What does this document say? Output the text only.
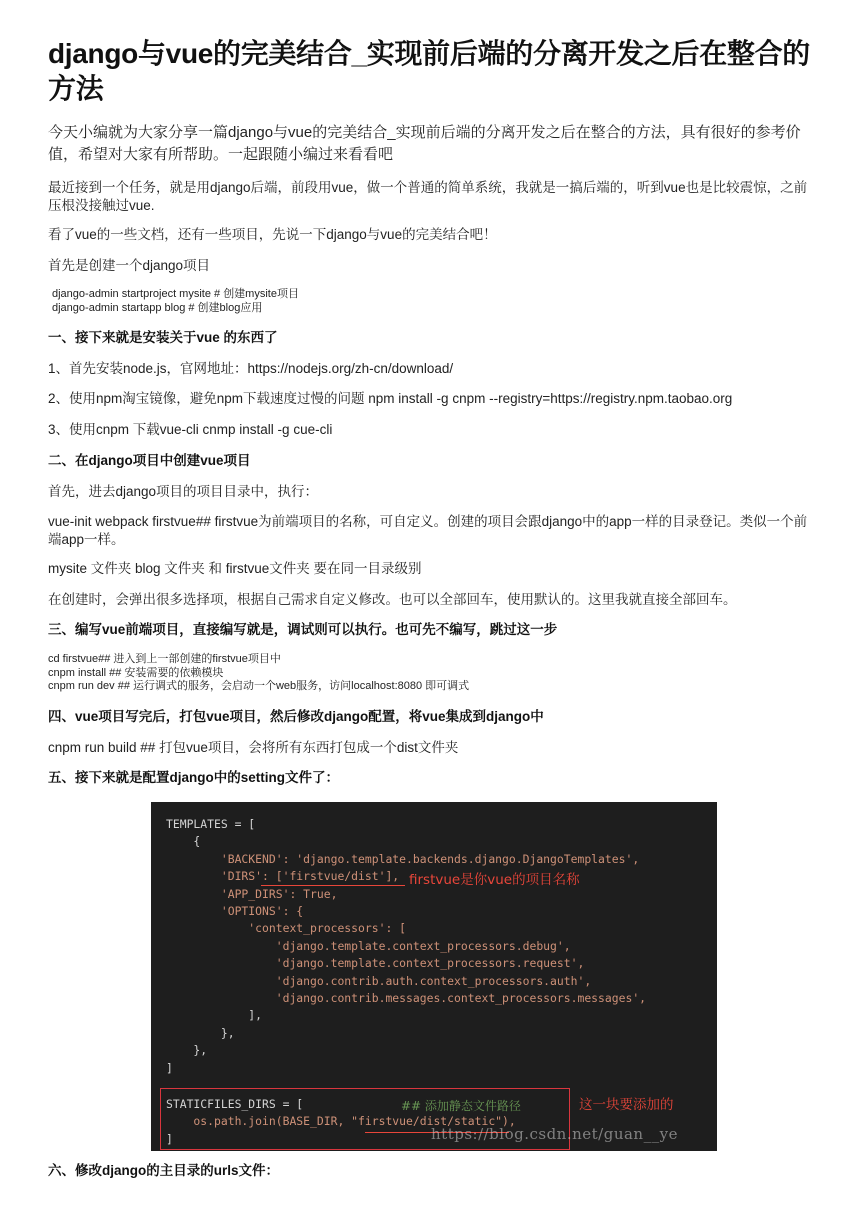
django与vue的完美结合_实现前后端的分离开发之后在整合的方法

今天小编就为大家分享一篇django与vue的完美结合_实现前后端的分离开发之后在整合的方法，具有很好的参考价值，希望对大家有所帮助。一起跟随小编过来看看吧

最近接到一个任务，就是用django后端，前段用vue，做一个普通的简单系统，我就是一搞后端的，听到vue也是比较震惊，之前压根没接触过vue.

看了vue的一些文档，还有一些项目，先说一下django与vue的完美结合吧！

首先是创建一个django项目

django-admin startproject mysite # 创建mysite项目
django-admin startapp blog # 创建blog应用
一、接下来就是安装关于vue 的东西了

1、首先安装node.js，官网地址：https://nodejs.org/zh-cn/download/

2、使用npm淘宝镜像，避免npm下载速度过慢的问题 npm install -g cnpm --registry=https://registry.npm.taobao.org

3、使用cnpm 下载vue-cli cnmp install -g cue-cli

二、在django项目中创建vue项目

首先，进去django项目的项目目录中，执行：

vue-init webpack firstvue## firstvue为前端项目的名称，可自定义。创建的项目会跟django中的app一样的目录登记。类似一个前端app一样。

mysite 文件夹 blog 文件夹 和 firstvue文件夹 要在同一目录级别

在创建时，会弹出很多选择项，根据自己需求自定义修改。也可以全部回车，使用默认的。这里我就直接全部回车。

三、编写vue前端项目，直接编写就是，调试则可以执行。也可先不编写，跳过这一步
cd firstvue## 进入到上一部创建的firstvue项目中
cnpm install ## 安装需要的依赖模块
cnpm run dev ## 运行调式的服务，会启动一个web服务，访问localhost:8080 即可调式
四、vue项目写完后，打包vue项目，然后修改django配置，将vue集成到django中

cnpm run build ## 打包vue项目，会将所有东西打包成一个dist文件夹

五、接下来就是配置django中的setting文件了：
TEMPLATES = [
{
'BACKEND': 'django.template.backends.django.DjangoTemplates',
'DIRS': ['firstvue/dist'],
'APP_DIRS': True,
'OPTIONS': {
'context_processors': [
'django.template.context_processors.debug',
'django.template.context_processors.request',
'django.contrib.auth.context_processors.auth',
'django.contrib.messages.context_processors.messages',
],
},
},
]
STATICFILES_DIRS = [
os.path.join(BASE_DIR, "firstvue/dist/static"),
]
firstvue是你vue的项目名称
## 添加静态文件路径	这一块要添加的
https://blog.csdn.net/guan__ye
六、修改django的主目录的urls文件：
